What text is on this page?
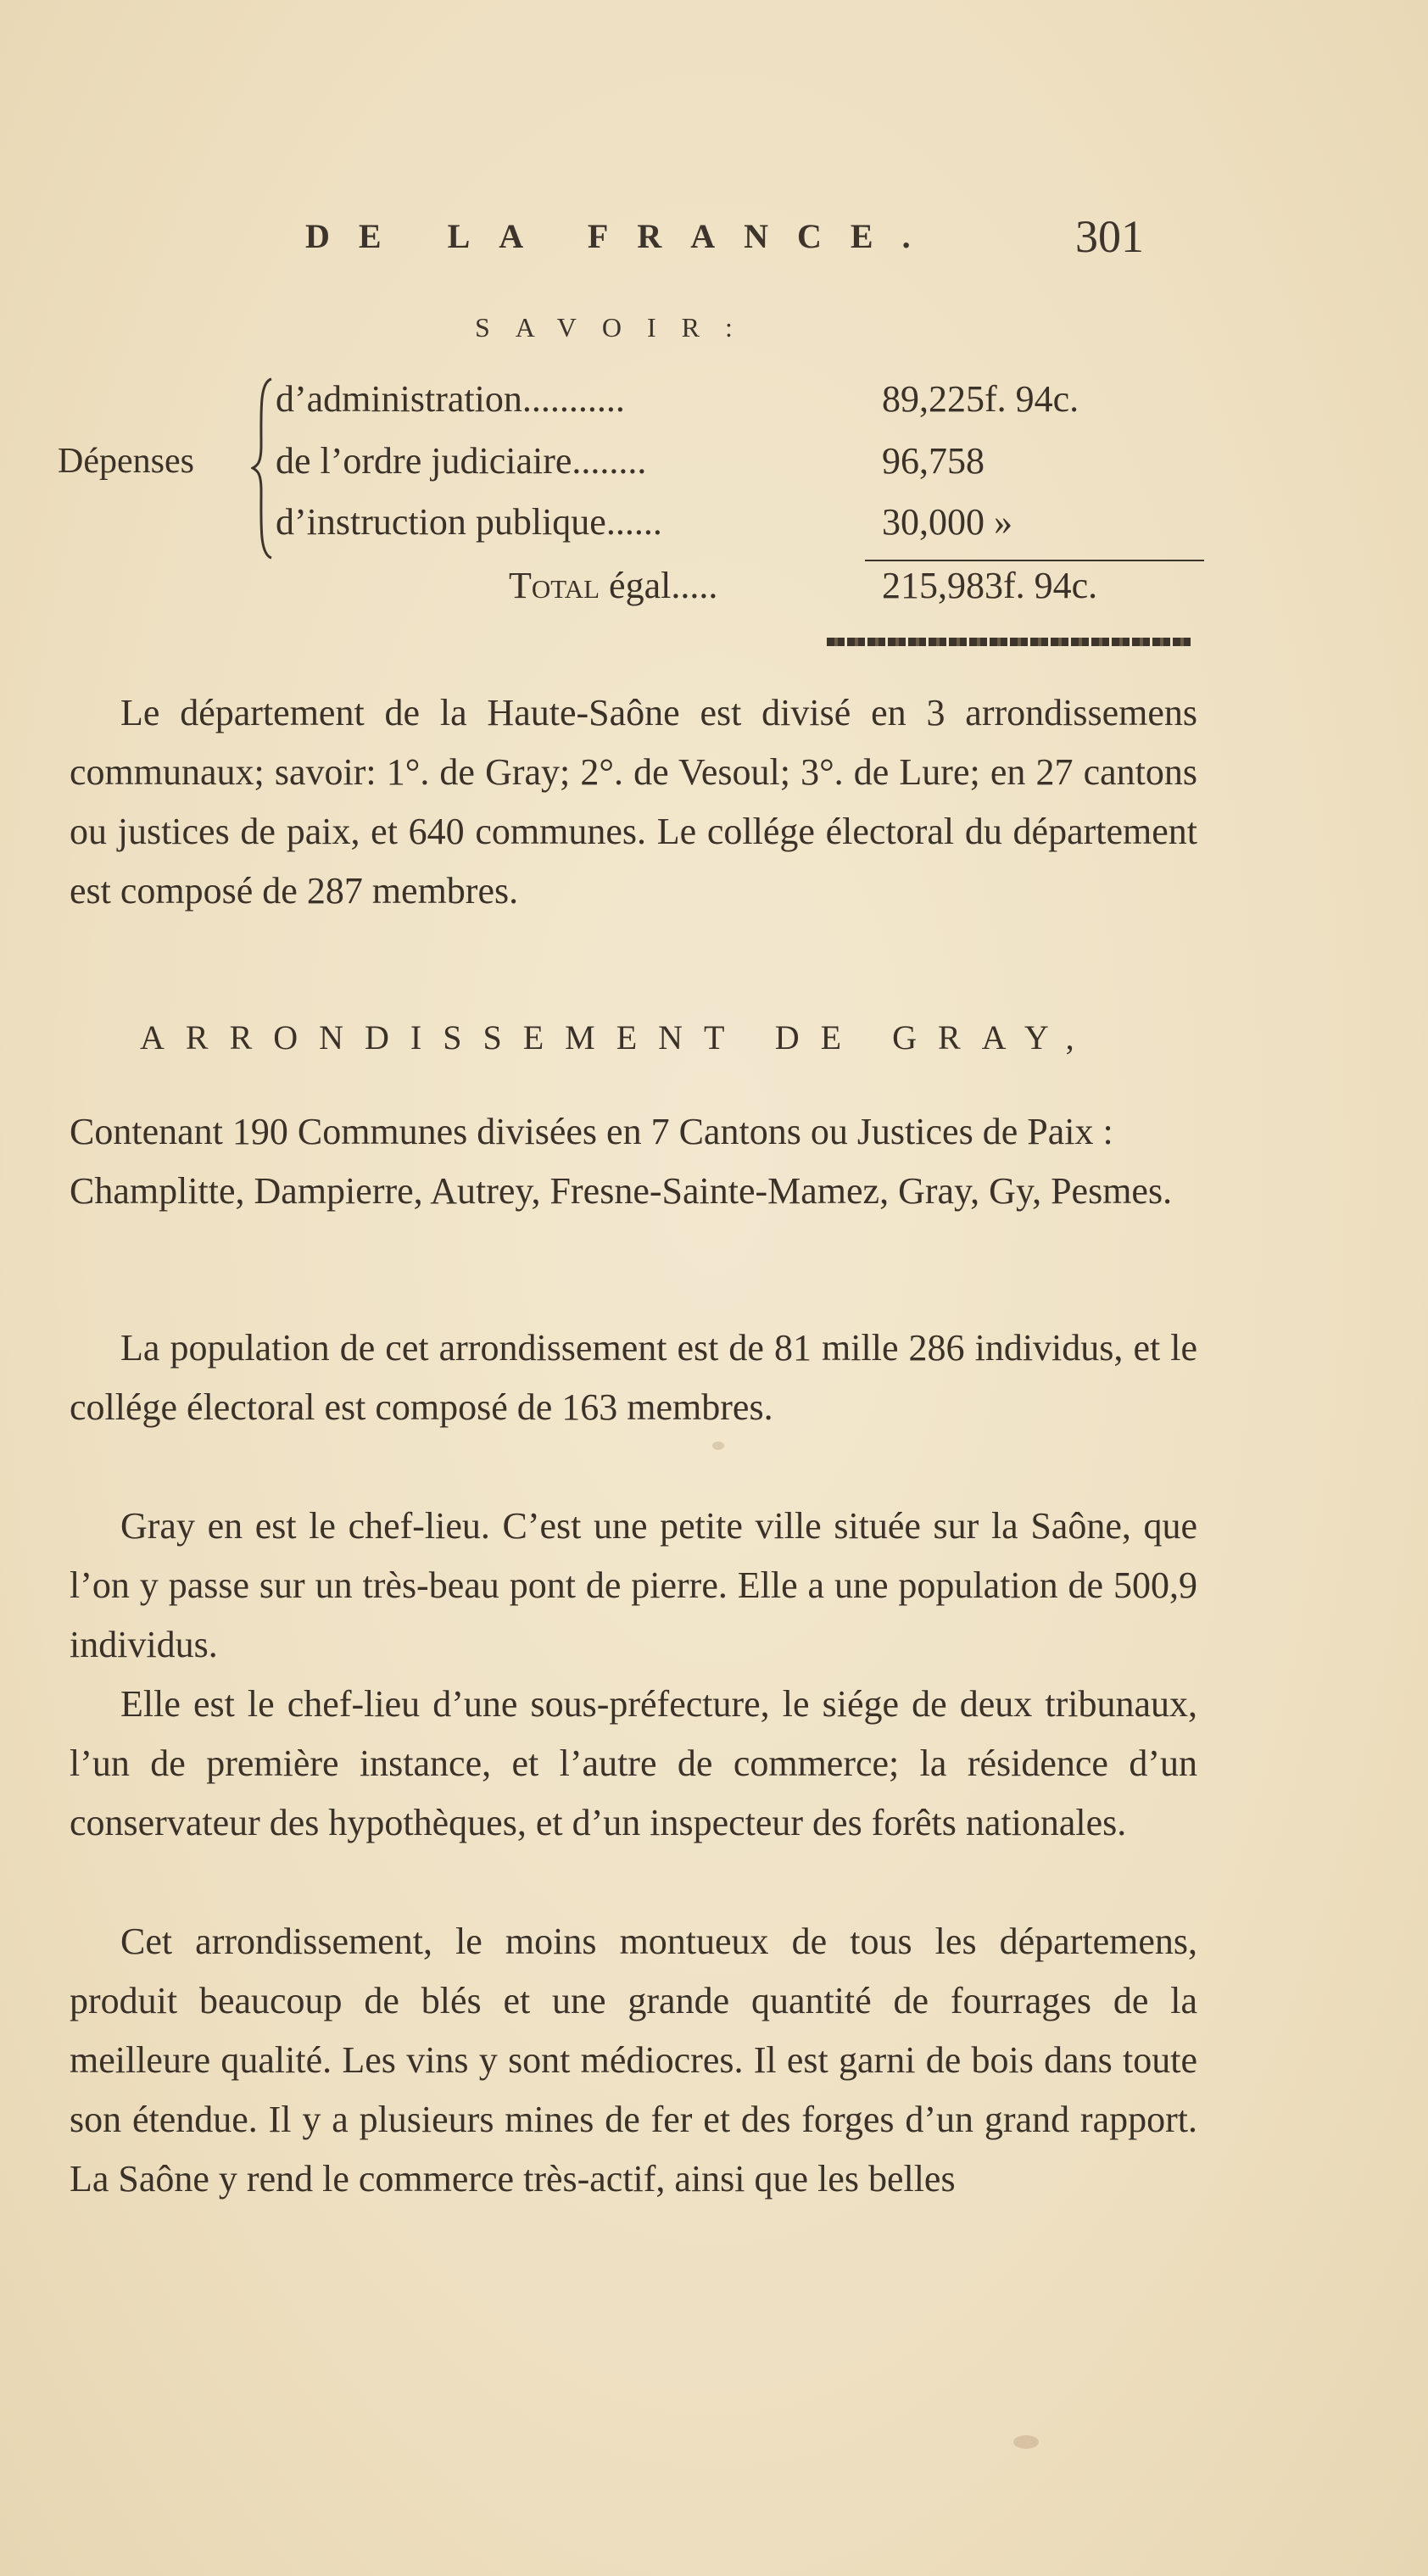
DE LA FRANCE.	301
SAVOIR:
Dépenses
d’administration...........	89,225f. 94c.
de l’ordre judiciaire........	96,758
d’instruction publique......	30,000 »
Total égal.....	215,983f. 94c.

Le département de la Haute-Saône est divisé en 3 arrondissemens communaux; savoir: 1°. de Gray; 2°. de Vesoul; 3°. de Lure; en 27 cantons ou justices de paix, et 640 communes. Le collége électoral du département est composé de 287 membres.

ARRONDISSEMENT DE GRAY,

Contenant 190 Communes divisées en 7 Cantons ou Justices de Paix : Champlitte, Dampierre, Autrey, Fresne-Sainte-Mamez, Gray, Gy, Pesmes.

La population de cet arrondissement est de 81 mille 286 individus, et le collége électoral est composé de 163 membres.

Gray en est le chef-lieu. C’est une petite ville située sur la Saône, que l’on y passe sur un très-beau pont de pierre. Elle a une population de 500,9 individus.

Elle est le chef-lieu d’une sous-préfecture, le siége de deux tribunaux, l’un de première instance, et l’autre de commerce; la résidence d’un conservateur des hypothèques, et d’un inspecteur des forêts nationales.

Cet arrondissement, le moins montueux de tous les départemens, produit beaucoup de blés et une grande quantité de fourrages de la meilleure qualité. Les vins y sont médiocres. Il est garni de bois dans toute son étendue. Il y a plusieurs mines de fer et des forges d’un grand rapport. La Saône y rend le commerce très-actif, ainsi que les belles
